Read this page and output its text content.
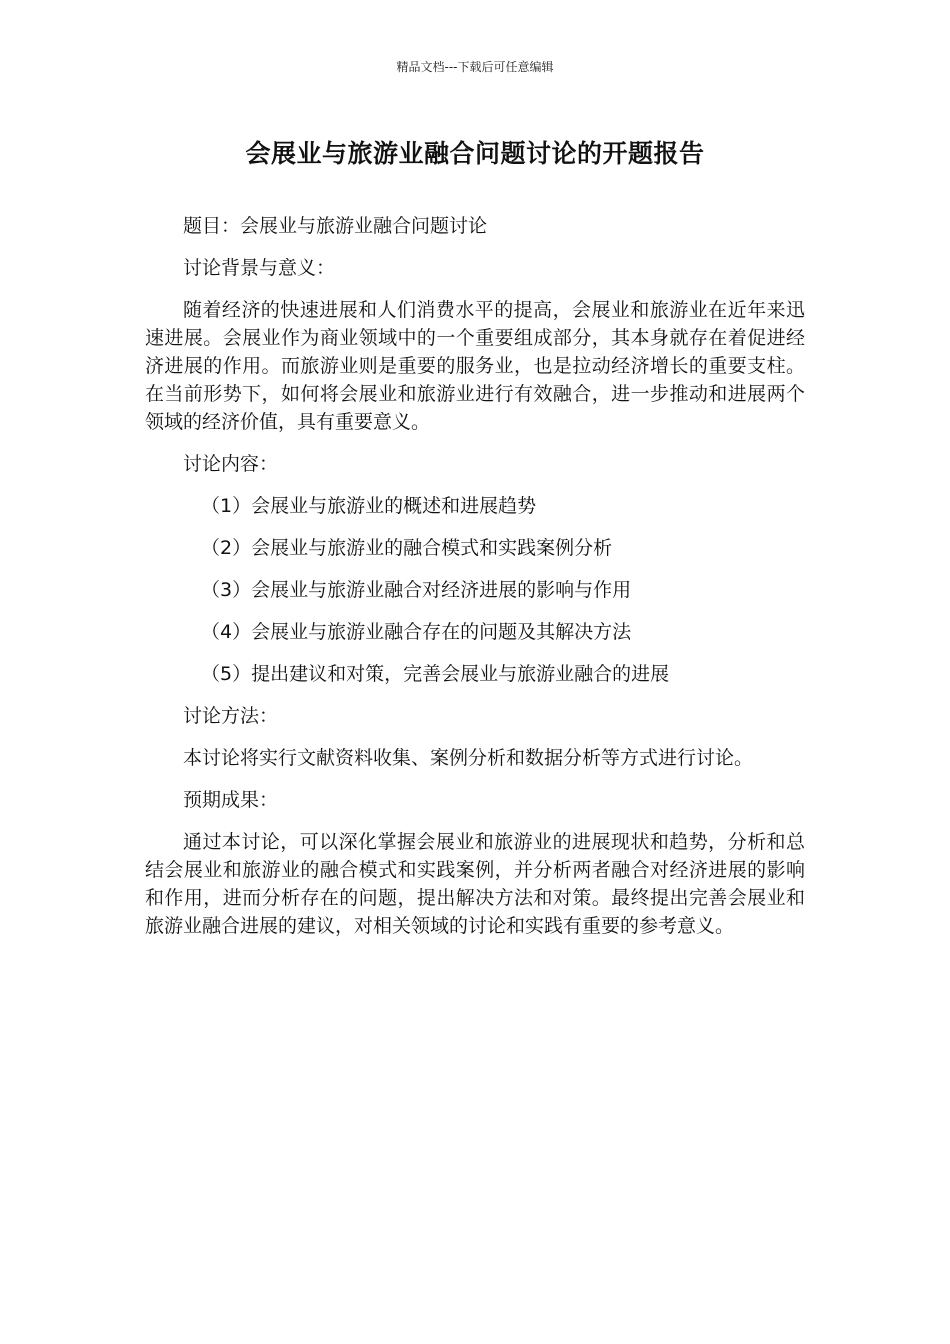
精品文档---下载后可任意编辑
会展业与旅游业融合问题讨论的开题报告

题目：会展业与旅游业融合问题讨论

讨论背景与意义：

随着经济的快速进展和人们消费水平的提高，会展业和旅游业在近年来迅速进展。会展业作为商业领域中的一个重要组成部分，其本身就存在着促进经济进展的作用。而旅游业则是重要的服务业，也是拉动经济增长的重要支柱。在当前形势下，如何将会展业和旅游业进行有效融合，进一步推动和进展两个领域的经济价值，具有重要意义。

讨论内容：

（1）会展业与旅游业的概述和进展趋势
（2）会展业与旅游业的融合模式和实践案例分析
（3）会展业与旅游业融合对经济进展的影响与作用
（4）会展业与旅游业融合存在的问题及其解决方法
（5）提出建议和对策，完善会展业与旅游业融合的进展

讨论方法：

本讨论将实行文献资料收集、案例分析和数据分析等方式进行讨论。

预期成果：

通过本讨论，可以深化掌握会展业和旅游业的进展现状和趋势，分析和总结会展业和旅游业的融合模式和实践案例，并分析两者融合对经济进展的影响和作用，进而分析存在的问题，提出解决方法和对策。最终提出完善会展业和旅游业融合进展的建议，对相关领域的讨论和实践有重要的参考意义。
